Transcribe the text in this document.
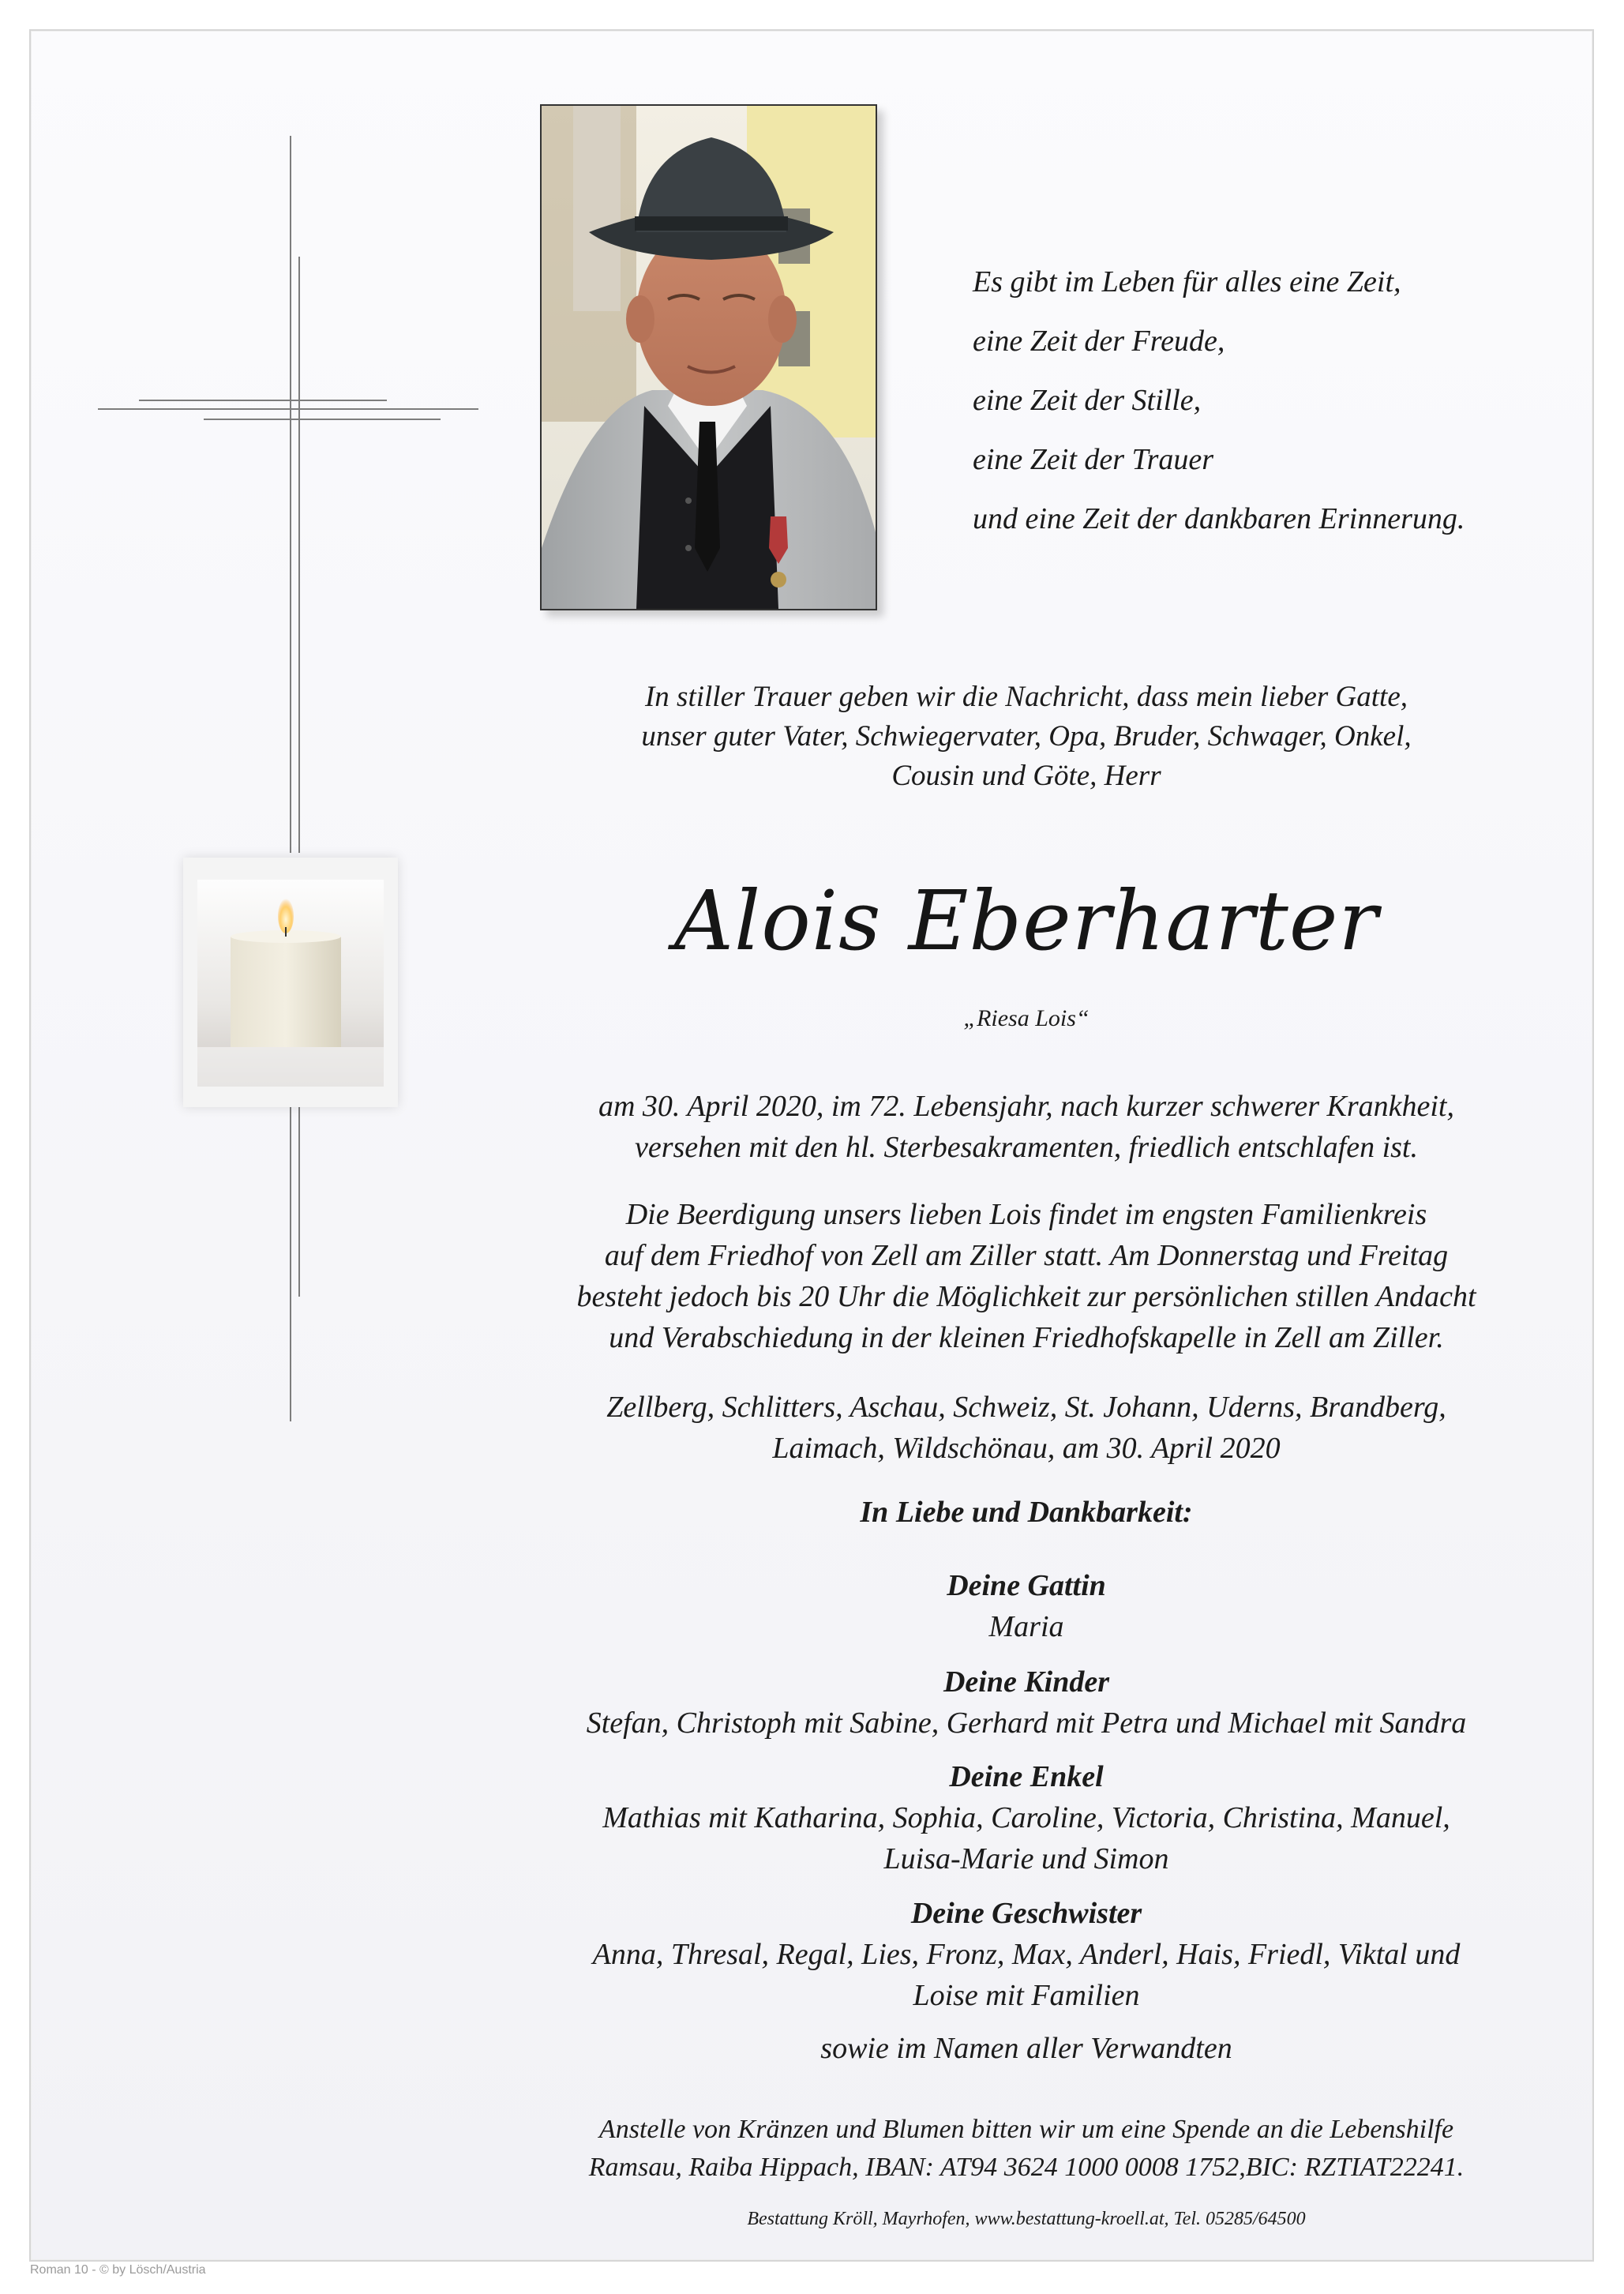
Es gibt im Leben für alles eine Zeit,
eine Zeit der Freude,
eine Zeit der Stille,
eine Zeit der Trauer
und eine Zeit der dankbaren Erinnerung.
In stiller Trauer geben wir die Nachricht, dass mein lieber Gatte,
unser guter Vater, Schwiegervater, Opa, Bruder, Schwager, Onkel,
Cousin und Göte, Herr
Alois Eberharter
„Riesa Lois“
am 30. April 2020, im 72. Lebensjahr, nach kurzer schwerer Krankheit,
versehen mit den hl. Sterbesakramenten, friedlich entschlafen ist.
Die Beerdigung unsers lieben Lois findet im engsten Familienkreis
auf dem Friedhof von Zell am Ziller statt. Am Donnerstag und Freitag
besteht jedoch bis 20 Uhr die Möglichkeit zur persönlichen stillen Andacht
und Verabschiedung in der kleinen Friedhofskapelle in Zell am Ziller.
Zellberg, Schlitters, Aschau, Schweiz, St. Johann, Uderns, Brandberg,
Laimach, Wildschönau, am 30. April 2020
In Liebe und Dankbarkeit:
Deine Gattin
Maria
Deine Kinder
Stefan, Christoph mit Sabine, Gerhard mit Petra und Michael mit Sandra
Deine Enkel
Mathias mit Katharina, Sophia, Caroline, Victoria, Christina, Manuel,
Luisa-Marie und Simon
Deine Geschwister
Anna, Thresal, Regal, Lies, Fronz, Max, Anderl, Hais, Friedl, Viktal und
Loise mit Familien
sowie im Namen aller Verwandten
Anstelle von Kränzen und Blumen bitten wir um eine Spende an die Lebenshilfe
Ramsau, Raiba Hippach, IBAN: AT94 3624 1000 0008 1752,BIC: RZTIAT22241.
Bestattung Kröll, Mayrhofen, www.bestattung-kroell.at, Tel. 05285/64500
Roman 10 - © by Lösch/Austria
